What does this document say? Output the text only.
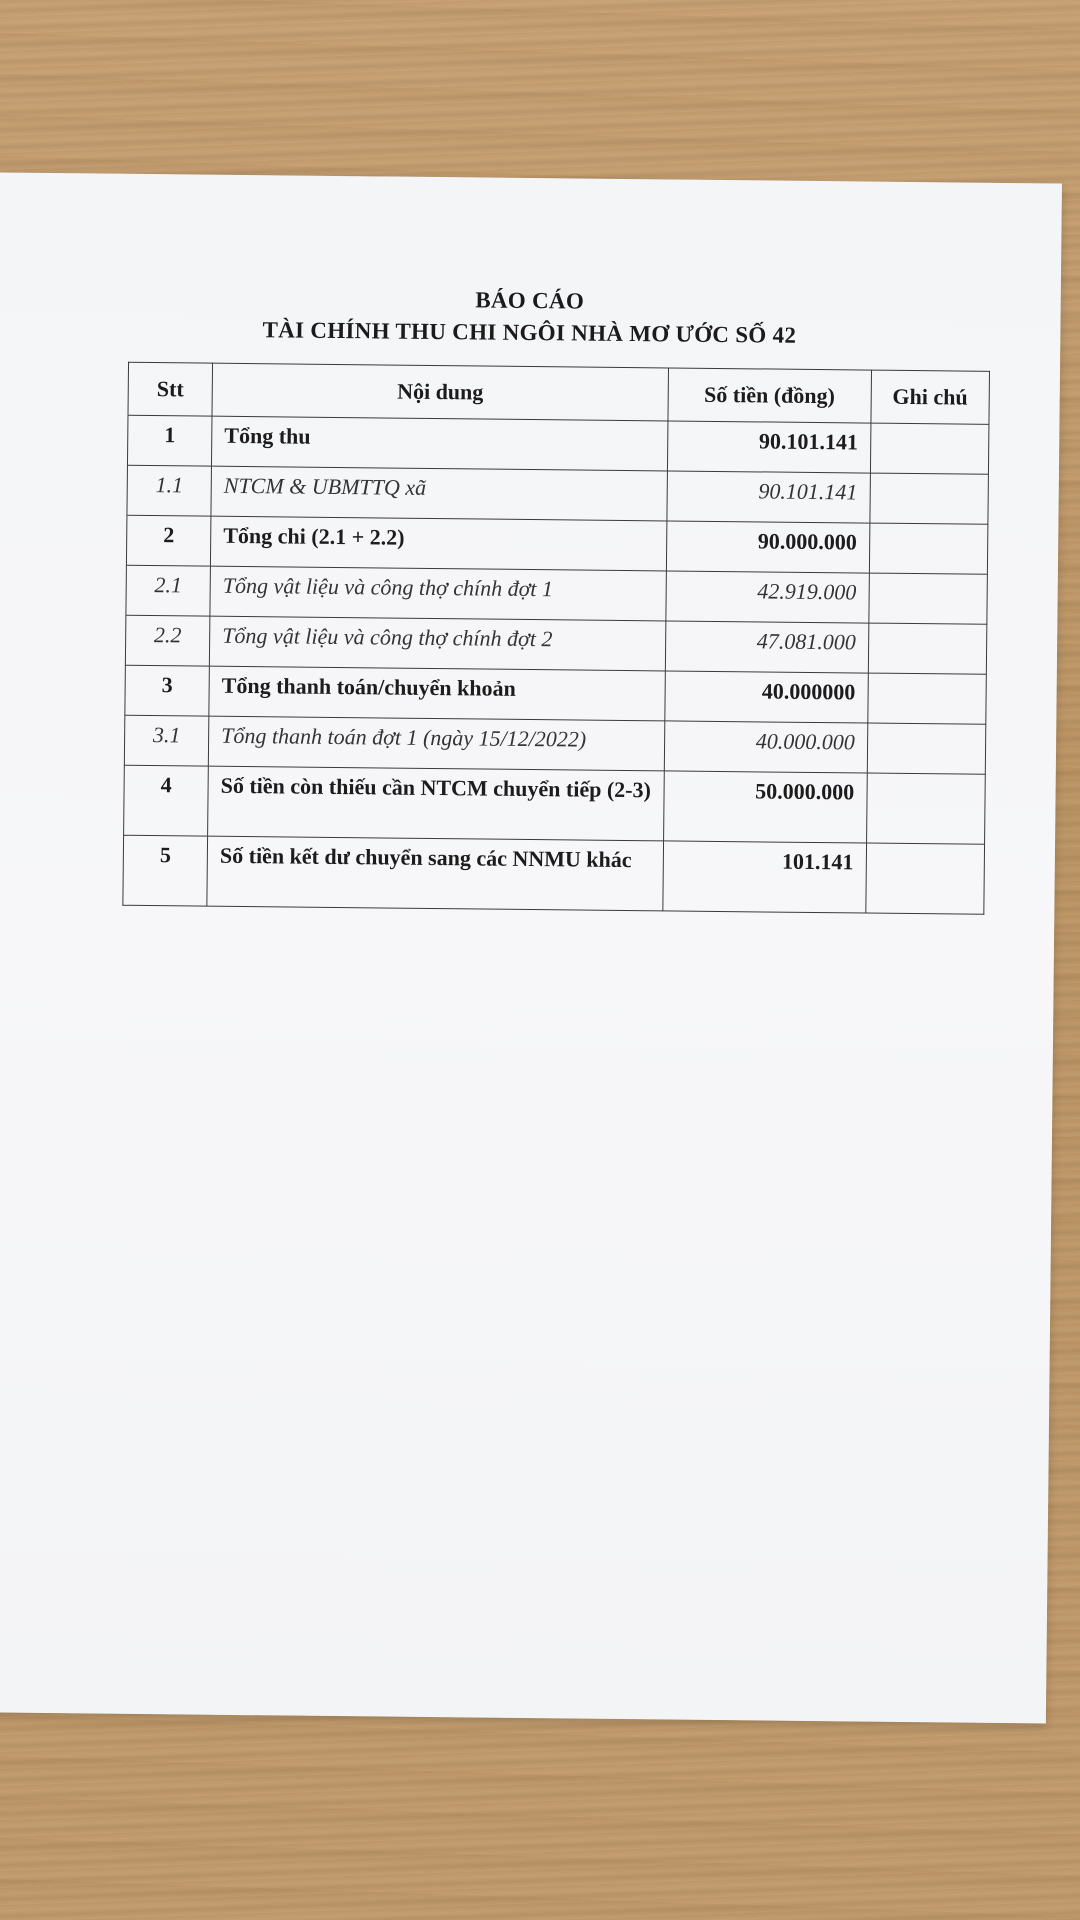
BÁO CÁO
TÀI CHÍNH THU CHI NGÔI NHÀ MƠ ƯỚC SỐ 42
Stt	Nội dung	Số tiền (đồng)	Ghi chú
1	Tổng thu	90.101.141	
1.1	NTCM & UBMTTQ xã	90.101.141	
2	Tổng chi (2.1 + 2.2)	90.000.000	
2.1	Tổng vật liệu và công thợ chính đợt 1	42.919.000	
2.2	Tổng vật liệu và công thợ chính đợt 2	47.081.000	
3	Tổng thanh toán/chuyển khoản	40.000000	
3.1	Tổng thanh toán đợt 1 (ngày 15/12/2022)	40.000.000	
4	Số tiền còn thiếu cần NTCM chuyển tiếp (2-3)	50.000.000	
5	Số tiền kết dư chuyển sang các NNMU khác	101.141	
